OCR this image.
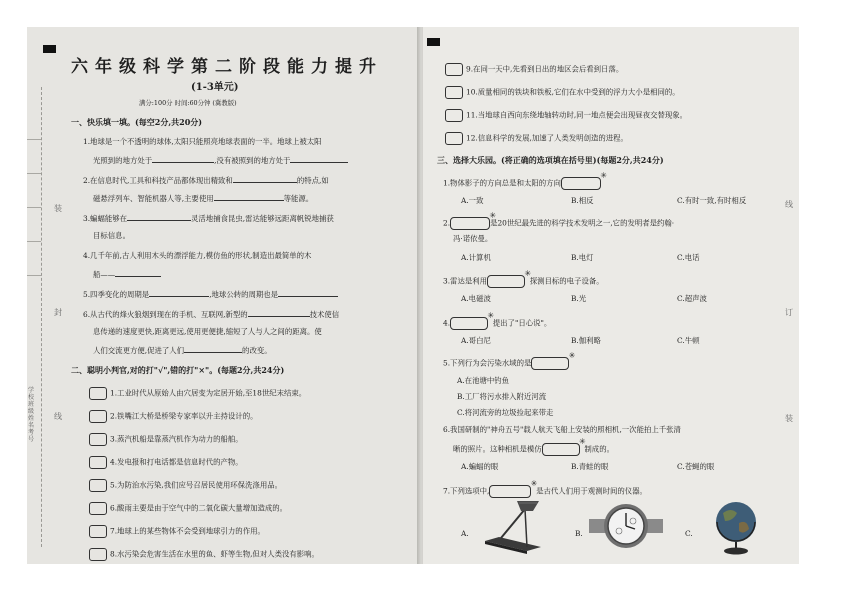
学校 班级 姓名 考号
装
封
线
六年级科学第二阶段能力提升
(1-3单元)
满分:100分 时间:60分钟 (冀教版)
一、快乐填一填。(每空2分,共20分)
1.地球是一个不透明的球体,太阳只能照亮地球表面的一半。地球上被太阳
光照到的地方处于	,没有被照到的地方处于
2.在信息时代,工具和科技产品都体现出精致和	的特点,如
磁悬浮列车、智能机器人等,主要使用	等能源。
3.蝙蝠能够在	灵活地捕食昆虫,雷达能够远距离帆锐地捕获
目标信息。
4.几千年前,古人利用木头的漂浮能力,模仿鱼的形状,制造出最简单的木
船——
5.四季变化的周期是	,地球公转的周期也是
6.从古代的烽火狼烟到现在的手机、互联网,新型的	技术使信
息传递的速度更快,距离更远,使用更便捷,缩短了人与人之间的距离。使
人们交流更方便,促进了人们	的改变。
二、聪明小判官,对的打"√",错的打"×"。(每题2分,共24分)
1.工业时代从原始人由穴居变为定居开始,至18世纪末结束。
2.铁嘴江大桥是桥梁专家率以升主持设计的。
3.蒸汽机船是靠蒸汽机作为动力的船舶。
4.发电报和打电话都是信息时代的产物。
5.为防治水污染,我们应号召居民使用环保洗涤用品。
6.酸雨主要是由于空气中的二氧化碳大量增加造成的。
7.地球上的某些物体不会受到地球引力的作用。
8.水污染会危害生活在水里的鱼、虾等生物,但对人类没有影响。
线
订
装
9.在同一天中,先看到日出的地区会后看到日落。
10.质量相同的铁块和铁板,它们在水中受到的浮力大小是相同的。
11.当地球自西向东绕地轴转动时,同一地点便会出现昼夜交替现象。
12.信息科学的发展,加速了人类发明创造的进程。
三、选择大乐园。(将正确的选项填在括号里)(每题2分,共24分)
1.物体影子的方向总是和太阳的方向✳
A.一致	B.相反	C.有时一致,有时相反
2. ✳	是20世纪最先进的科学技术发明之一,它的发明者是约翰·
冯·诺依曼。
A.计算机	B.电灯	C.电话
3.雷达是利用 ✳	探测目标的电子设备。
A.电磁波	B.光	C.超声波
4. ✳	提出了"日心说"。
A.哥白尼	B.伽利略	C.牛顿
5.下列行为会污染水域的是✳
A.在池塘中钓鱼
B.工厂将污水排入附近河流
C.将河流旁的垃圾捡起来带走
6.我国研制的"神舟五号"载人航天飞船上安装的照相机,一次能拍上千张清
晰的照片。这种相机是模仿 ✳	制成的。
A.蝙蝠的眼	B.青蛙的眼	C.苍蝇的眼
7.下列选项中, ✳	是古代人们用于观测时间的仪器。
A.	B.	C.
